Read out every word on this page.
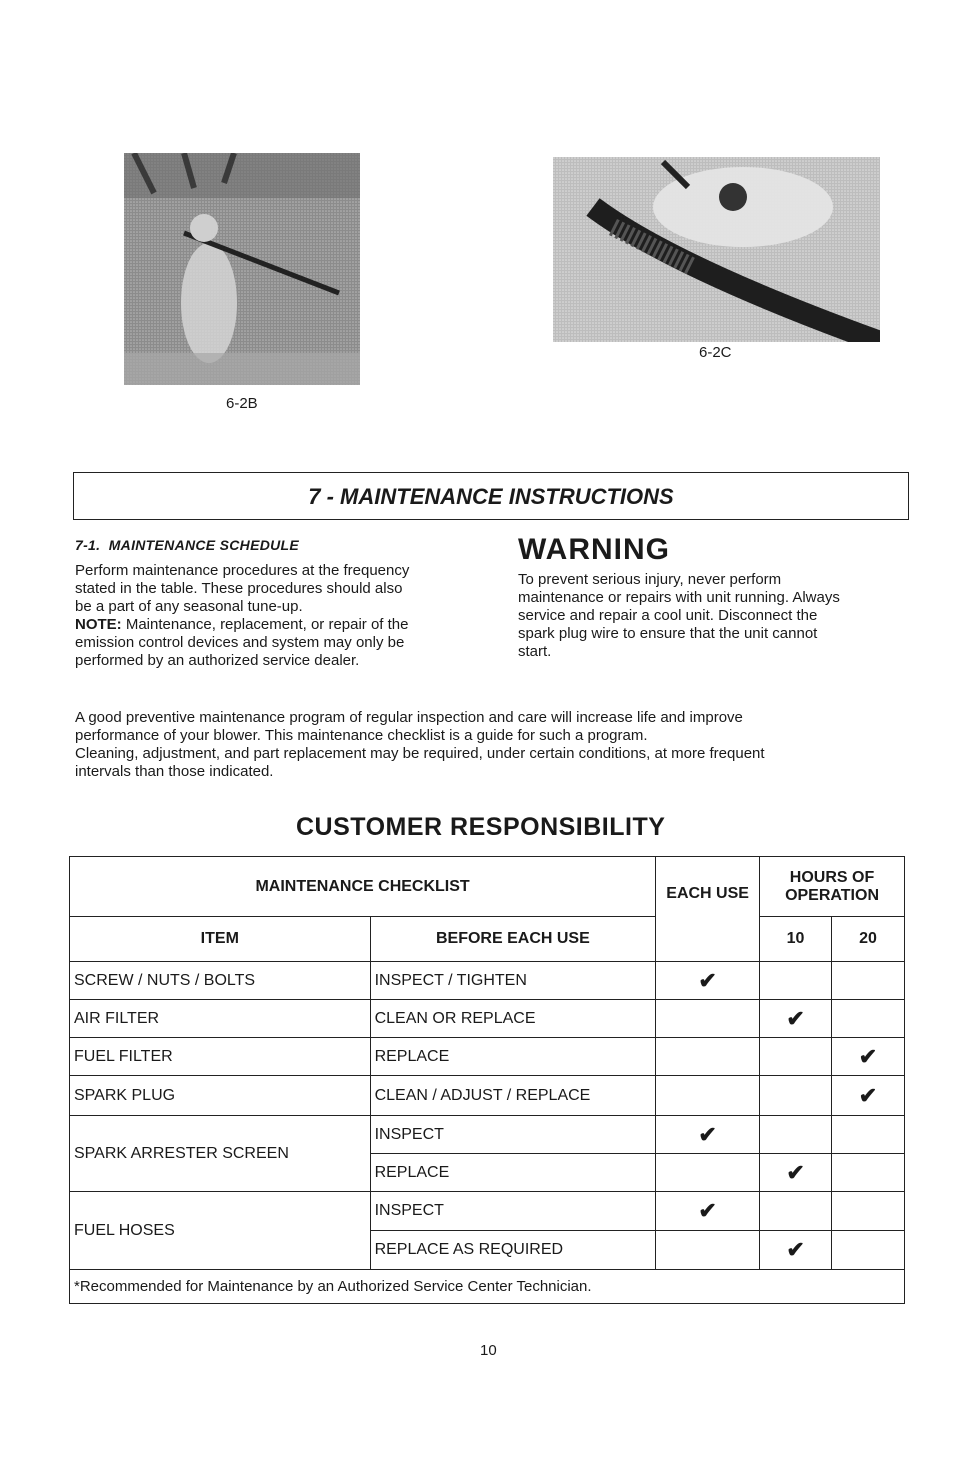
6-2B
6-2C
7 - MAINTENANCE INSTRUCTIONS
7-1.  MAINTENANCE SCHEDULE
Perform maintenance procedures at the frequency
stated in the table. These procedures should also
be a part of any seasonal tune-up.
NOTE: Maintenance, replacement, or repair of the
emission control devices and system may only be
performed by an authorized service dealer.
WARNING
To prevent serious injury, never perform
maintenance or repairs with unit running. Always
service and repair a cool unit. Disconnect the
spark plug wire to ensure that the unit cannot
start.
A good preventive maintenance program of regular inspection and care will increase life and improve
performance of your blower. This maintenance checklist is a guide for such a program.
Cleaning, adjustment, and part replacement may be required, under certain conditions, at more frequent
intervals than those indicated.
CUSTOMER RESPONSIBILITY
MAINTENANCE CHECKLIST		EACH USE	HOURS OF OPERATION	
ITEM	BEFORE EACH USE		10	20
SCREW / NUTS / BOLTS	INSPECT / TIGHTEN	✔		
AIR FILTER	CLEAN OR REPLACE		✔	
FUEL FILTER	REPLACE			✔
SPARK PLUG	CLEAN / ADJUST / REPLACE			✔
SPARK ARRESTER SCREEN	INSPECT	✔		
	REPLACE		✔	
FUEL HOSES	INSPECT	✔		
	REPLACE AS REQUIRED		✔	
*Recommended for Maintenance by an Authorized Service Center Technician.				
10
